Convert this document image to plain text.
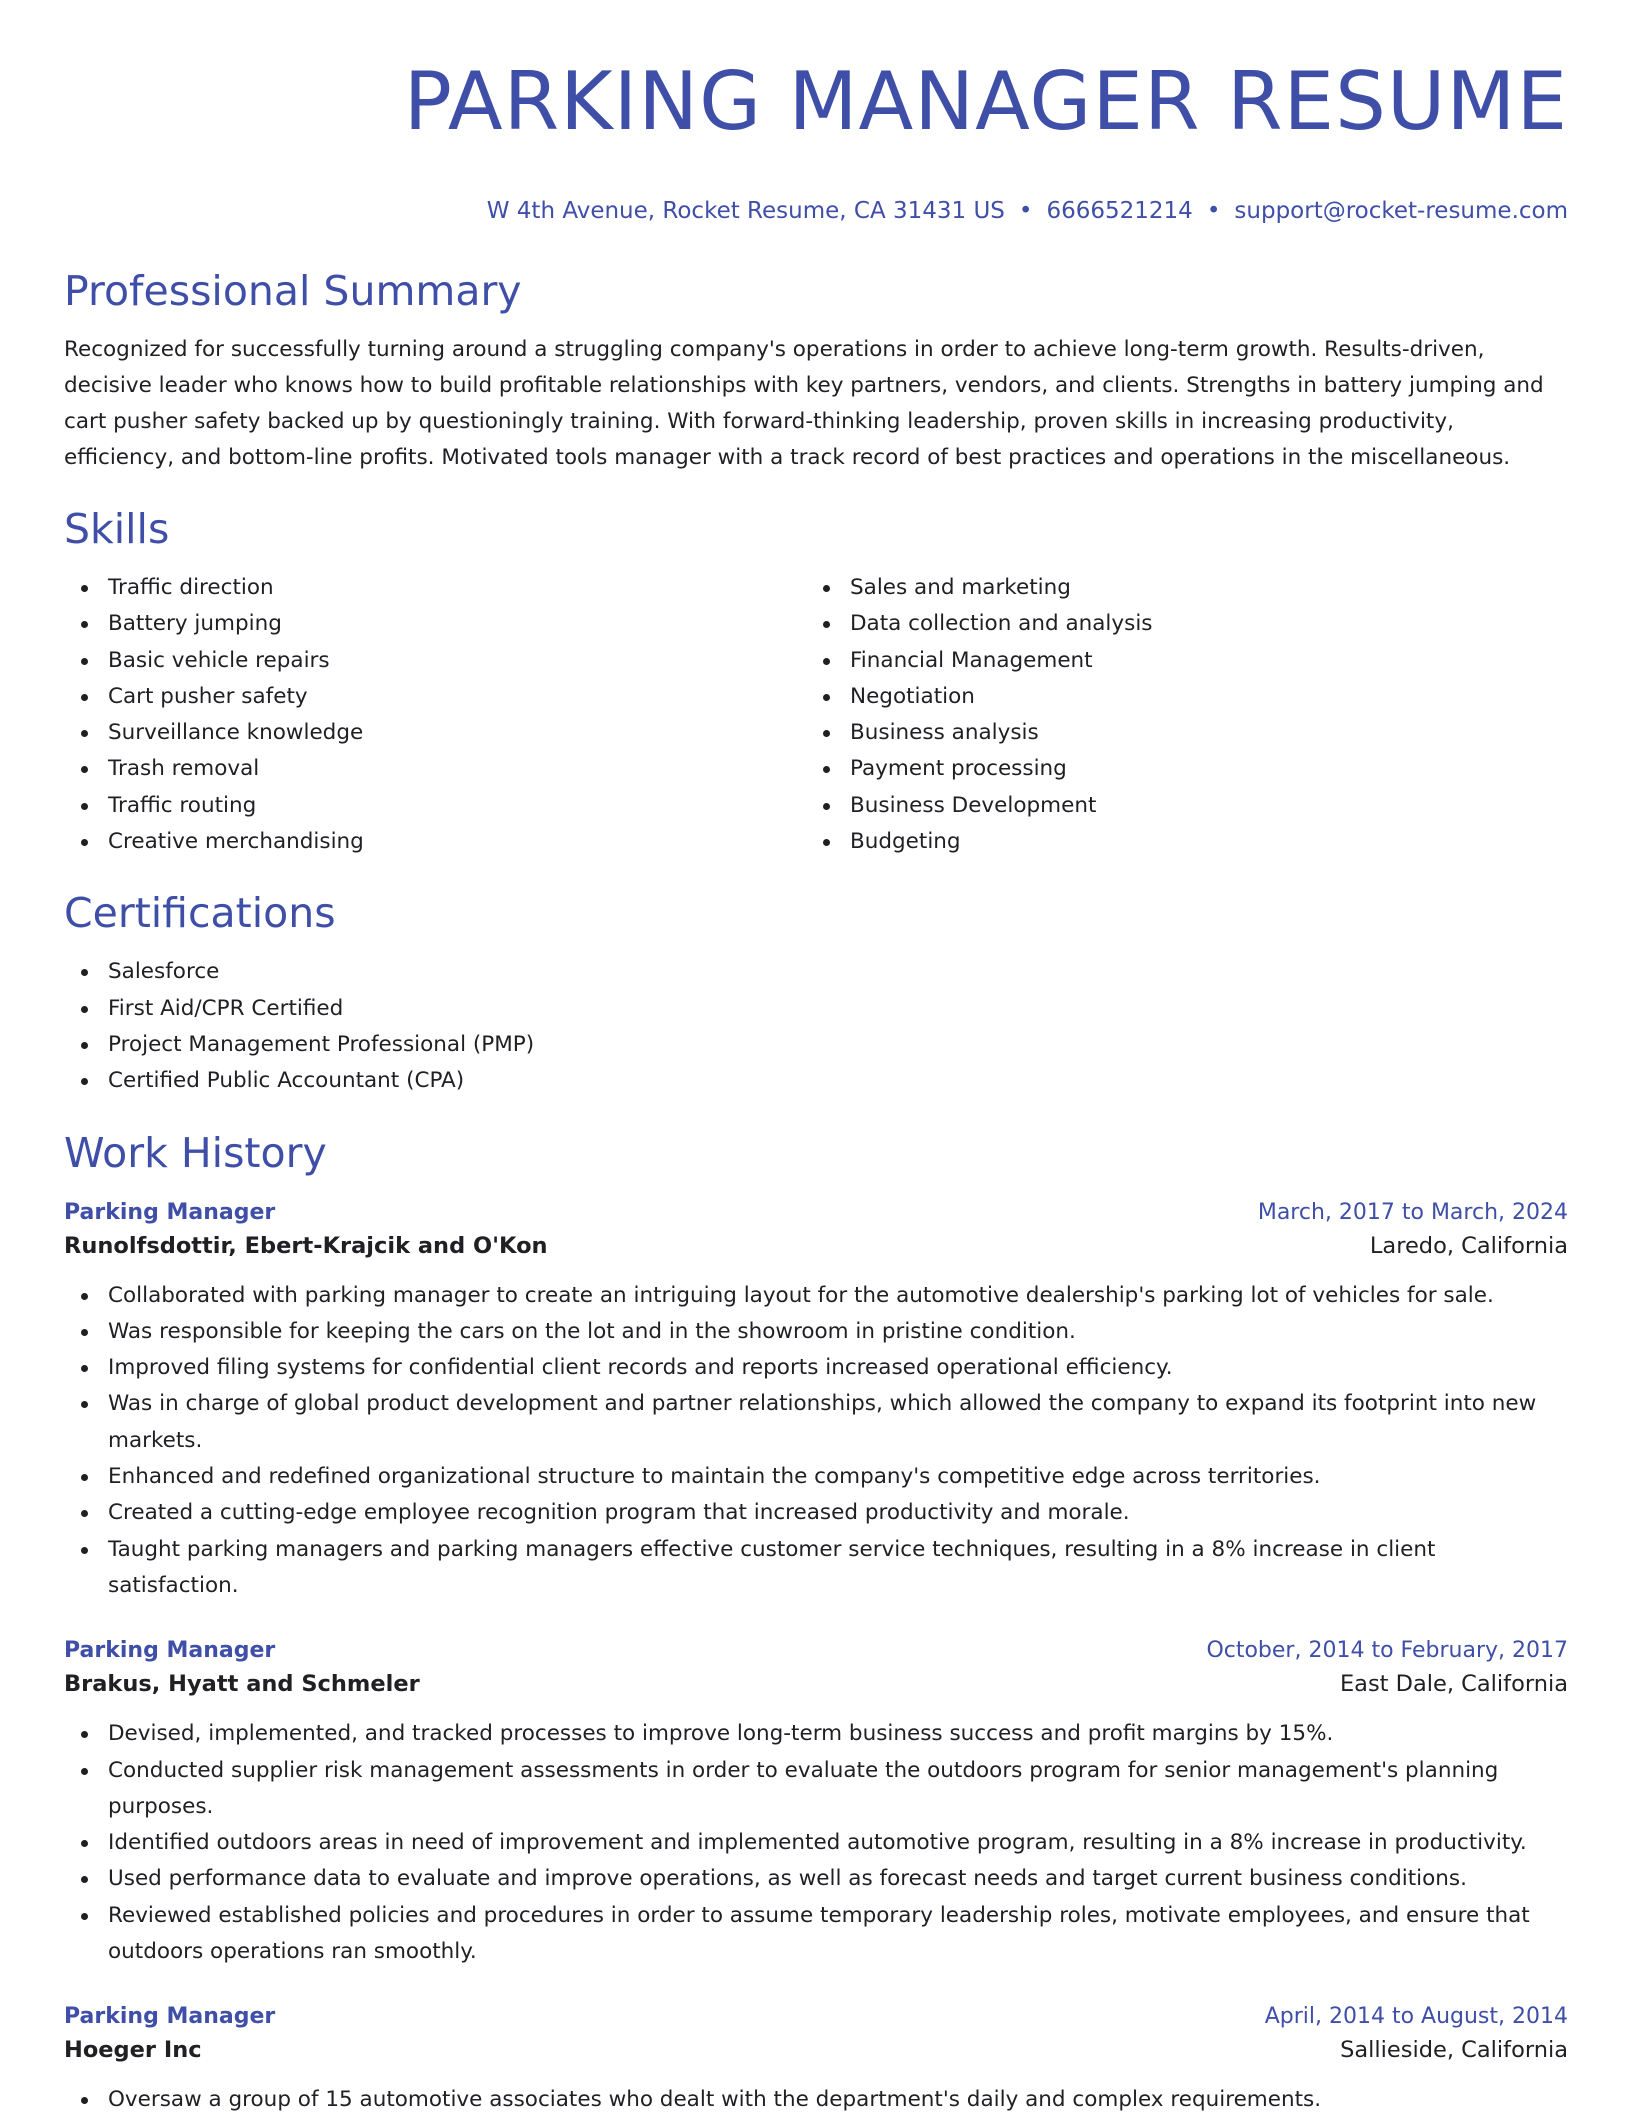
PARKING MANAGER RESUME
W 4th Avenue, Rocket Resume, CA 31431 US • 6666521214 • support@rocket-resume.com
Professional Summary
Recognized for successfully turning around a struggling company's operations in order to achieve long-term growth. Results-driven, decisive leader who knows how to build profitable relationships with key partners, vendors, and clients. Strengths in battery jumping and cart pusher safety backed up by questioningly training. With forward-thinking leadership, proven skills in increasing productivity, efficiency, and bottom-line profits. Motivated tools manager with a track record of best practices and operations in the miscellaneous.
Skills
Traffic direction
Battery jumping
Basic vehicle repairs
Cart pusher safety
Surveillance knowledge
Trash removal
Traffic routing
Creative merchandising
Sales and marketing
Data collection and analysis
Financial Management
Negotiation
Business analysis
Payment processing
Business Development
Budgeting
Certifications
Salesforce
First Aid/CPR Certified
Project Management Professional (PMP)
Certified Public Accountant (CPA)
Work History
Parking Manager	March, 2017 to March, 2024
Runolfsdottir, Ebert-Krajcik and O'Kon	Laredo, California
Collaborated with parking manager to create an intriguing layout for the automotive dealership's parking lot of vehicles for sale.
Was responsible for keeping the cars on the lot and in the showroom in pristine condition.
Improved filing systems for confidential client records and reports increased operational efficiency.
Was in charge of global product development and partner relationships, which allowed the company to expand its footprint into new markets.
Enhanced and redefined organizational structure to maintain the company's competitive edge across territories.
Created a cutting-edge employee recognition program that increased productivity and morale.
Taught parking managers and parking managers effective customer service techniques, resulting in a 8% increase in client satisfaction.
Parking Manager	October, 2014 to February, 2017
Brakus, Hyatt and Schmeler	East Dale, California
Devised, implemented, and tracked processes to improve long-term business success and profit margins by 15%.
Conducted supplier risk management assessments in order to evaluate the outdoors program for senior management's planning purposes.
Identified outdoors areas in need of improvement and implemented automotive program, resulting in a 8% increase in productivity.
Used performance data to evaluate and improve operations, as well as forecast needs and target current business conditions.
Reviewed established policies and procedures in order to assume temporary leadership roles, motivate employees, and ensure that outdoors operations ran smoothly.
Parking Manager	April, 2014 to August, 2014
Hoeger Inc	Sallieside, California
Oversaw a group of 15 automotive associates who dealt with the department's daily and complex requirements.
